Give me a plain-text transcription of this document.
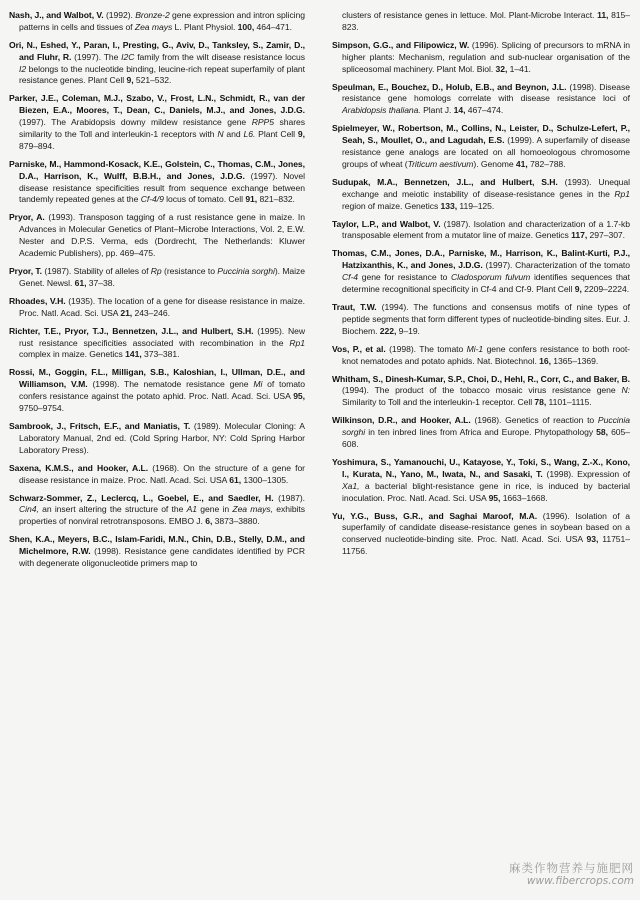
Nash, J., and Walbot, V. (1992). Bronze-2 gene expression and intron splicing patterns in cells and tissues of Zea mays L. Plant Physiol. 100, 464–471.

Ori, N., Eshed, Y., Paran, I., Presting, G., Aviv, D., Tanksley, S., Zamir, D., and Fluhr, R. (1997). The I2C family from the wilt disease resistance locus I2 belongs to the nucleotide binding, leucine-rich repeat superfamily of plant resistance genes. Plant Cell 9, 521–532.

Parker, J.E., Coleman, M.J., Szabo, V., Frost, L.N., Schmidt, R., van der Biezen, E.A., Moores, T., Dean, C., Daniels, M.J., and Jones, J.D.G. (1997). The Arabidopsis downy mildew resistance gene RPP5 shares similarity to the Toll and interleukin-1 receptors with N and L6. Plant Cell 9, 879–894.

Parniske, M., Hammond-Kosack, K.E., Golstein, C., Thomas, C.M., Jones, D.A., Harrison, K., Wulff, B.B.H., and Jones, J.D.G. (1997). Novel disease resistance specificities result from sequence exchange between tandemly repeated genes at the Cf-4/9 locus of tomato. Cell 91, 821–832.

Pryor, A. (1993). Transposon tagging of a rust resistance gene in maize. In Advances in Molecular Genetics of Plant–Microbe Interactions, Vol. 2, E.W. Nester and D.P.S. Verma, eds (Dordrecht, The Netherlands: Kluwer Academic Publishers), pp. 469–475.

Pryor, T. (1987). Stability of alleles of Rp (resistance to Puccinia sorghi). Maize Genet. Newsl. 61, 37–38.

Rhoades, V.H. (1935). The location of a gene for disease resistance in maize. Proc. Natl. Acad. Sci. USA 21, 243–246.

Richter, T.E., Pryor, T.J., Bennetzen, J.L., and Hulbert, S.H. (1995). New rust resistance specificities associated with recombination in the Rp1 complex in maize. Genetics 141, 373–381.

Rossi, M., Goggin, F.L., Milligan, S.B., Kaloshian, I., Ullman, D.E., and Williamson, V.M. (1998). The nematode resistance gene Mi of tomato confers resistance against the potato aphid. Proc. Natl. Acad. Sci. USA 95, 9750–9754.

Sambrook, J., Fritsch, E.F., and Maniatis, T. (1989). Molecular Cloning: A Laboratory Manual, 2nd ed. (Cold Spring Harbor, NY: Cold Spring Harbor Laboratory Press).

Saxena, K.M.S., and Hooker, A.L. (1968). On the structure of a gene for disease resistance in maize. Proc. Natl. Acad. Sci. USA 61, 1300–1305.

Schwarz-Sommer, Z., Leclercq, L., Goebel, E., and Saedler, H. (1987). Cin4, an insert altering the structure of the A1 gene in Zea mays, exhibits properties of nonviral retrotransposons. EMBO J. 6, 3873–3880.

Shen, K.A., Meyers, B.C., Islam-Faridi, M.N., Chin, D.B., Stelly, D.M., and Michelmore, R.W. (1998). Resistance gene candidates identified by PCR with degenerate oligonucleotide primers map to

clusters of resistance genes in lettuce. Mol. Plant-Microbe Interact. 11, 815–823.

Simpson, G.G., and Filipowicz, W. (1996). Splicing of precursors to mRNA in higher plants: Mechanism, regulation and sub-nuclear organisation of the spliceosomal machinery. Plant Mol. Biol. 32, 1–41.

Speulman, E., Bouchez, D., Holub, E.B., and Beynon, J.L. (1998). Disease resistance gene homologs correlate with disease resistance loci of Arabidopsis thaliana. Plant J. 14, 467–474.

Spielmeyer, W., Robertson, M., Collins, N., Leister, D., Schulze-Lefert, P., Seah, S., Moullet, O., and Lagudah, E.S. (1999). A superfamily of disease resistance gene analogs are located on all homoeologous chromosome groups of wheat (Triticum aestivum). Genome 41, 782–788.

Sudupak, M.A., Bennetzen, J.L., and Hulbert, S.H. (1993). Unequal exchange and meiotic instability of disease-resistance genes in the Rp1 region of maize. Genetics 133, 119–125.

Taylor, L.P., and Walbot, V. (1987). Isolation and characterization of a 1.7-kb transposable element from a mutator line of maize. Genetics 117, 297–307.

Thomas, C.M., Jones, D.A., Parniske, M., Harrison, K., Balint-Kurti, P.J., Hatzixanthis, K., and Jones, J.D.G. (1997). Characterization of the tomato Cf-4 gene for resistance to Cladosporum fulvum identifies sequences that determine recognitional specificity in Cf-4 and Cf-9. Plant Cell 9, 2209–2224.

Traut, T.W. (1994). The functions and consensus motifs of nine types of peptide segments that form different types of nucleotide-binding sites. Eur. J. Biochem. 222, 9–19.

Vos, P., et al. (1998). The tomato Mi-1 gene confers resistance to both root-knot nematodes and potato aphids. Nat. Biotechnol. 16, 1365–1369.

Whitham, S., Dinesh-Kumar, S.P., Choi, D., Hehl, R., Corr, C., and Baker, B. (1994). The product of the tobacco mosaic virus resistance gene N: Similarity to Toll and the interleukin-1 receptor. Cell 78, 1101–1115.

Wilkinson, D.R., and Hooker, A.L. (1968). Genetics of reaction to Puccinia sorghi in ten inbred lines from Africa and Europe. Phytopathology 58, 605–608.

Yoshimura, S., Yamanouchi, U., Katayose, Y., Toki, S., Wang, Z.-X., Kono, I., Kurata, N., Yano, M., Iwata, N., and Sasaki, T. (1998). Expression of Xa1, a bacterial blight-resistance gene in rice, is induced by bacterial inoculation. Proc. Natl. Acad. Sci. USA 95, 1663–1668.

Yu, Y.G., Buss, G.R., and Saghai Maroof, M.A. (1996). Isolation of a superfamily of candidate disease-resistance genes in soybean based on a conserved nucleotide-binding site. Proc. Natl. Acad. Sci. USA 93, 11751–11756.

麻类作物营养与施肥网
www.fibercrops.com
